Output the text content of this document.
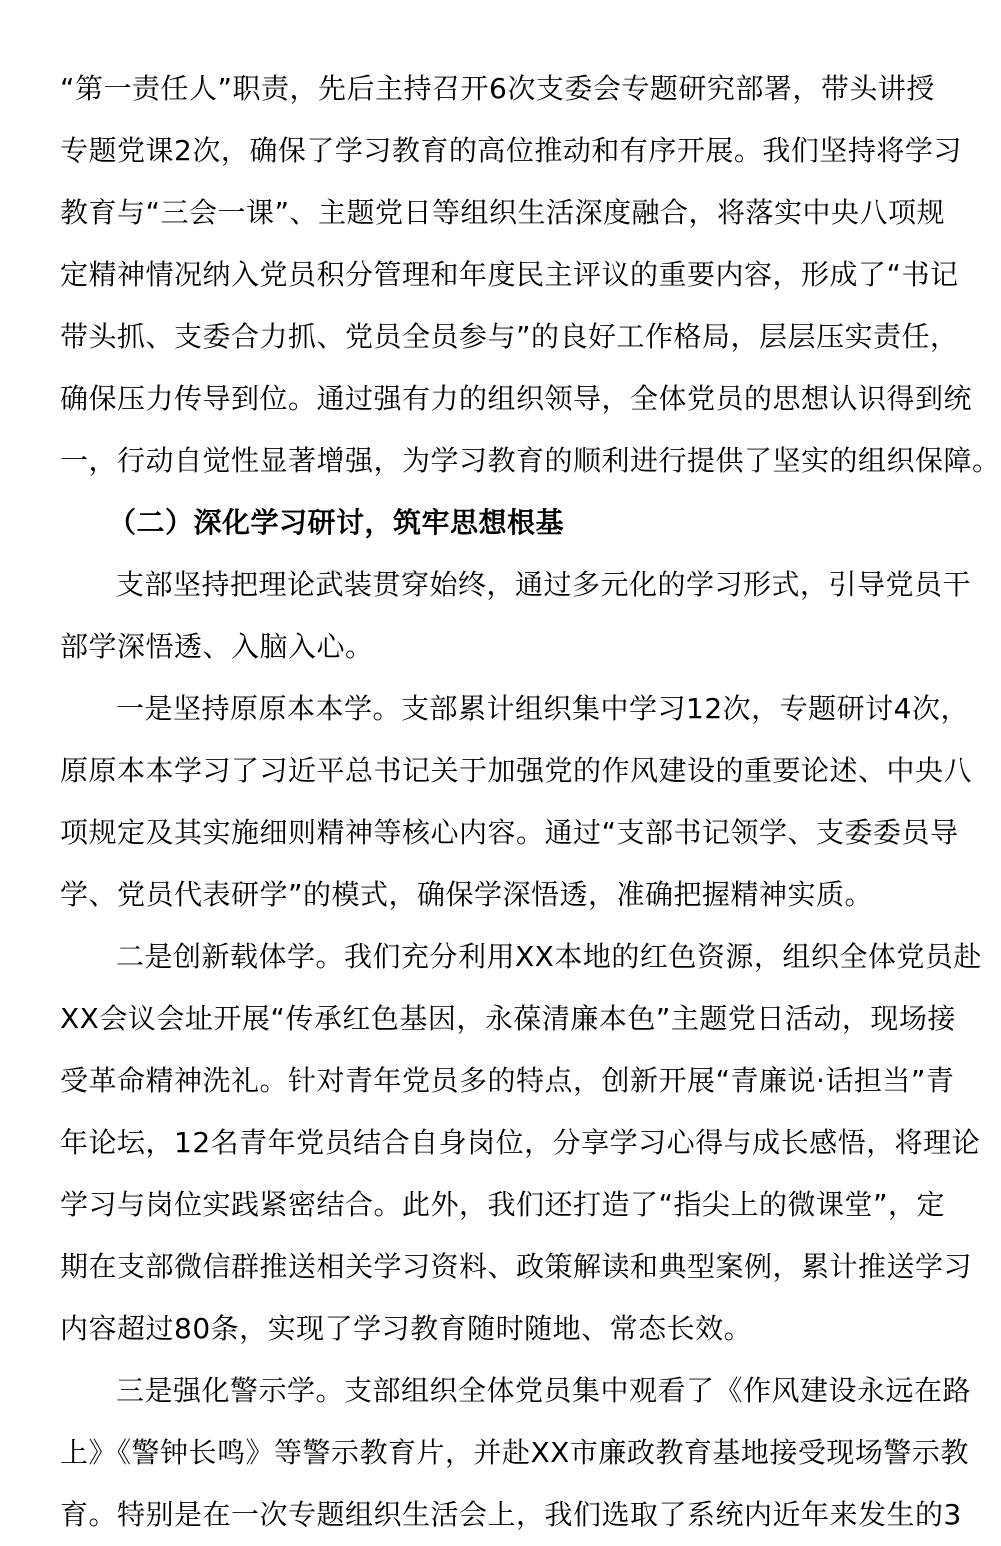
“第一责任人”职责，先后主持召开6次支委会专题研究部署，带头讲授
专题党课2次，确保了学习教育的高位推动和有序开展。我们坚持将学习
教育与“三会一课”、主题党日等组织生活深度融合，将落实中央八项规
定精神情况纳入党员积分管理和年度民主评议的重要内容，形成了“书记
带头抓、支委合力抓、党员全员参与”的良好工作格局，层层压实责任，
确保压力传导到位。通过强有力的组织领导，全体党员的思想认识得到统
一，行动自觉性显著增强，为学习教育的顺利进行提供了坚实的组织保障。
（二）深化学习研讨，筑牢思想根基
支部坚持把理论武装贯穿始终，通过多元化的学习形式，引导党员干
部学深悟透、入脑入心。
一是坚持原原本本学。支部累计组织集中学习12次，专题研讨4次，
原原本本学习了习近平总书记关于加强党的作风建设的重要论述、中央八
项规定及其实施细则精神等核心内容。通过“支部书记领学、支委委员导
学、党员代表研学”的模式，确保学深悟透，准确把握精神实质。
二是创新载体学。我们充分利用XX本地的红色资源，组织全体党员赴
XX会议会址开展“传承红色基因，永葆清廉本色”主题党日活动，现场接
受革命精神洗礼。针对青年党员多的特点，创新开展“青廉说·话担当”青
年论坛，12名青年党员结合自身岗位，分享学习心得与成长感悟，将理论
学习与岗位实践紧密结合。此外，我们还打造了“指尖上的微课堂”，定
期在支部微信群推送相关学习资料、政策解读和典型案例，累计推送学习
内容超过80条，实现了学习教育随时随地、常态长效。
三是强化警示学。支部组织全体党员集中观看了《作风建设永远在路
上》《警钟长鸣》等警示教育片，并赴XX市廉政教育基地接受现场警示教
育。特别是在一次专题组织生活会上，我们选取了系统内近年来发生的3
